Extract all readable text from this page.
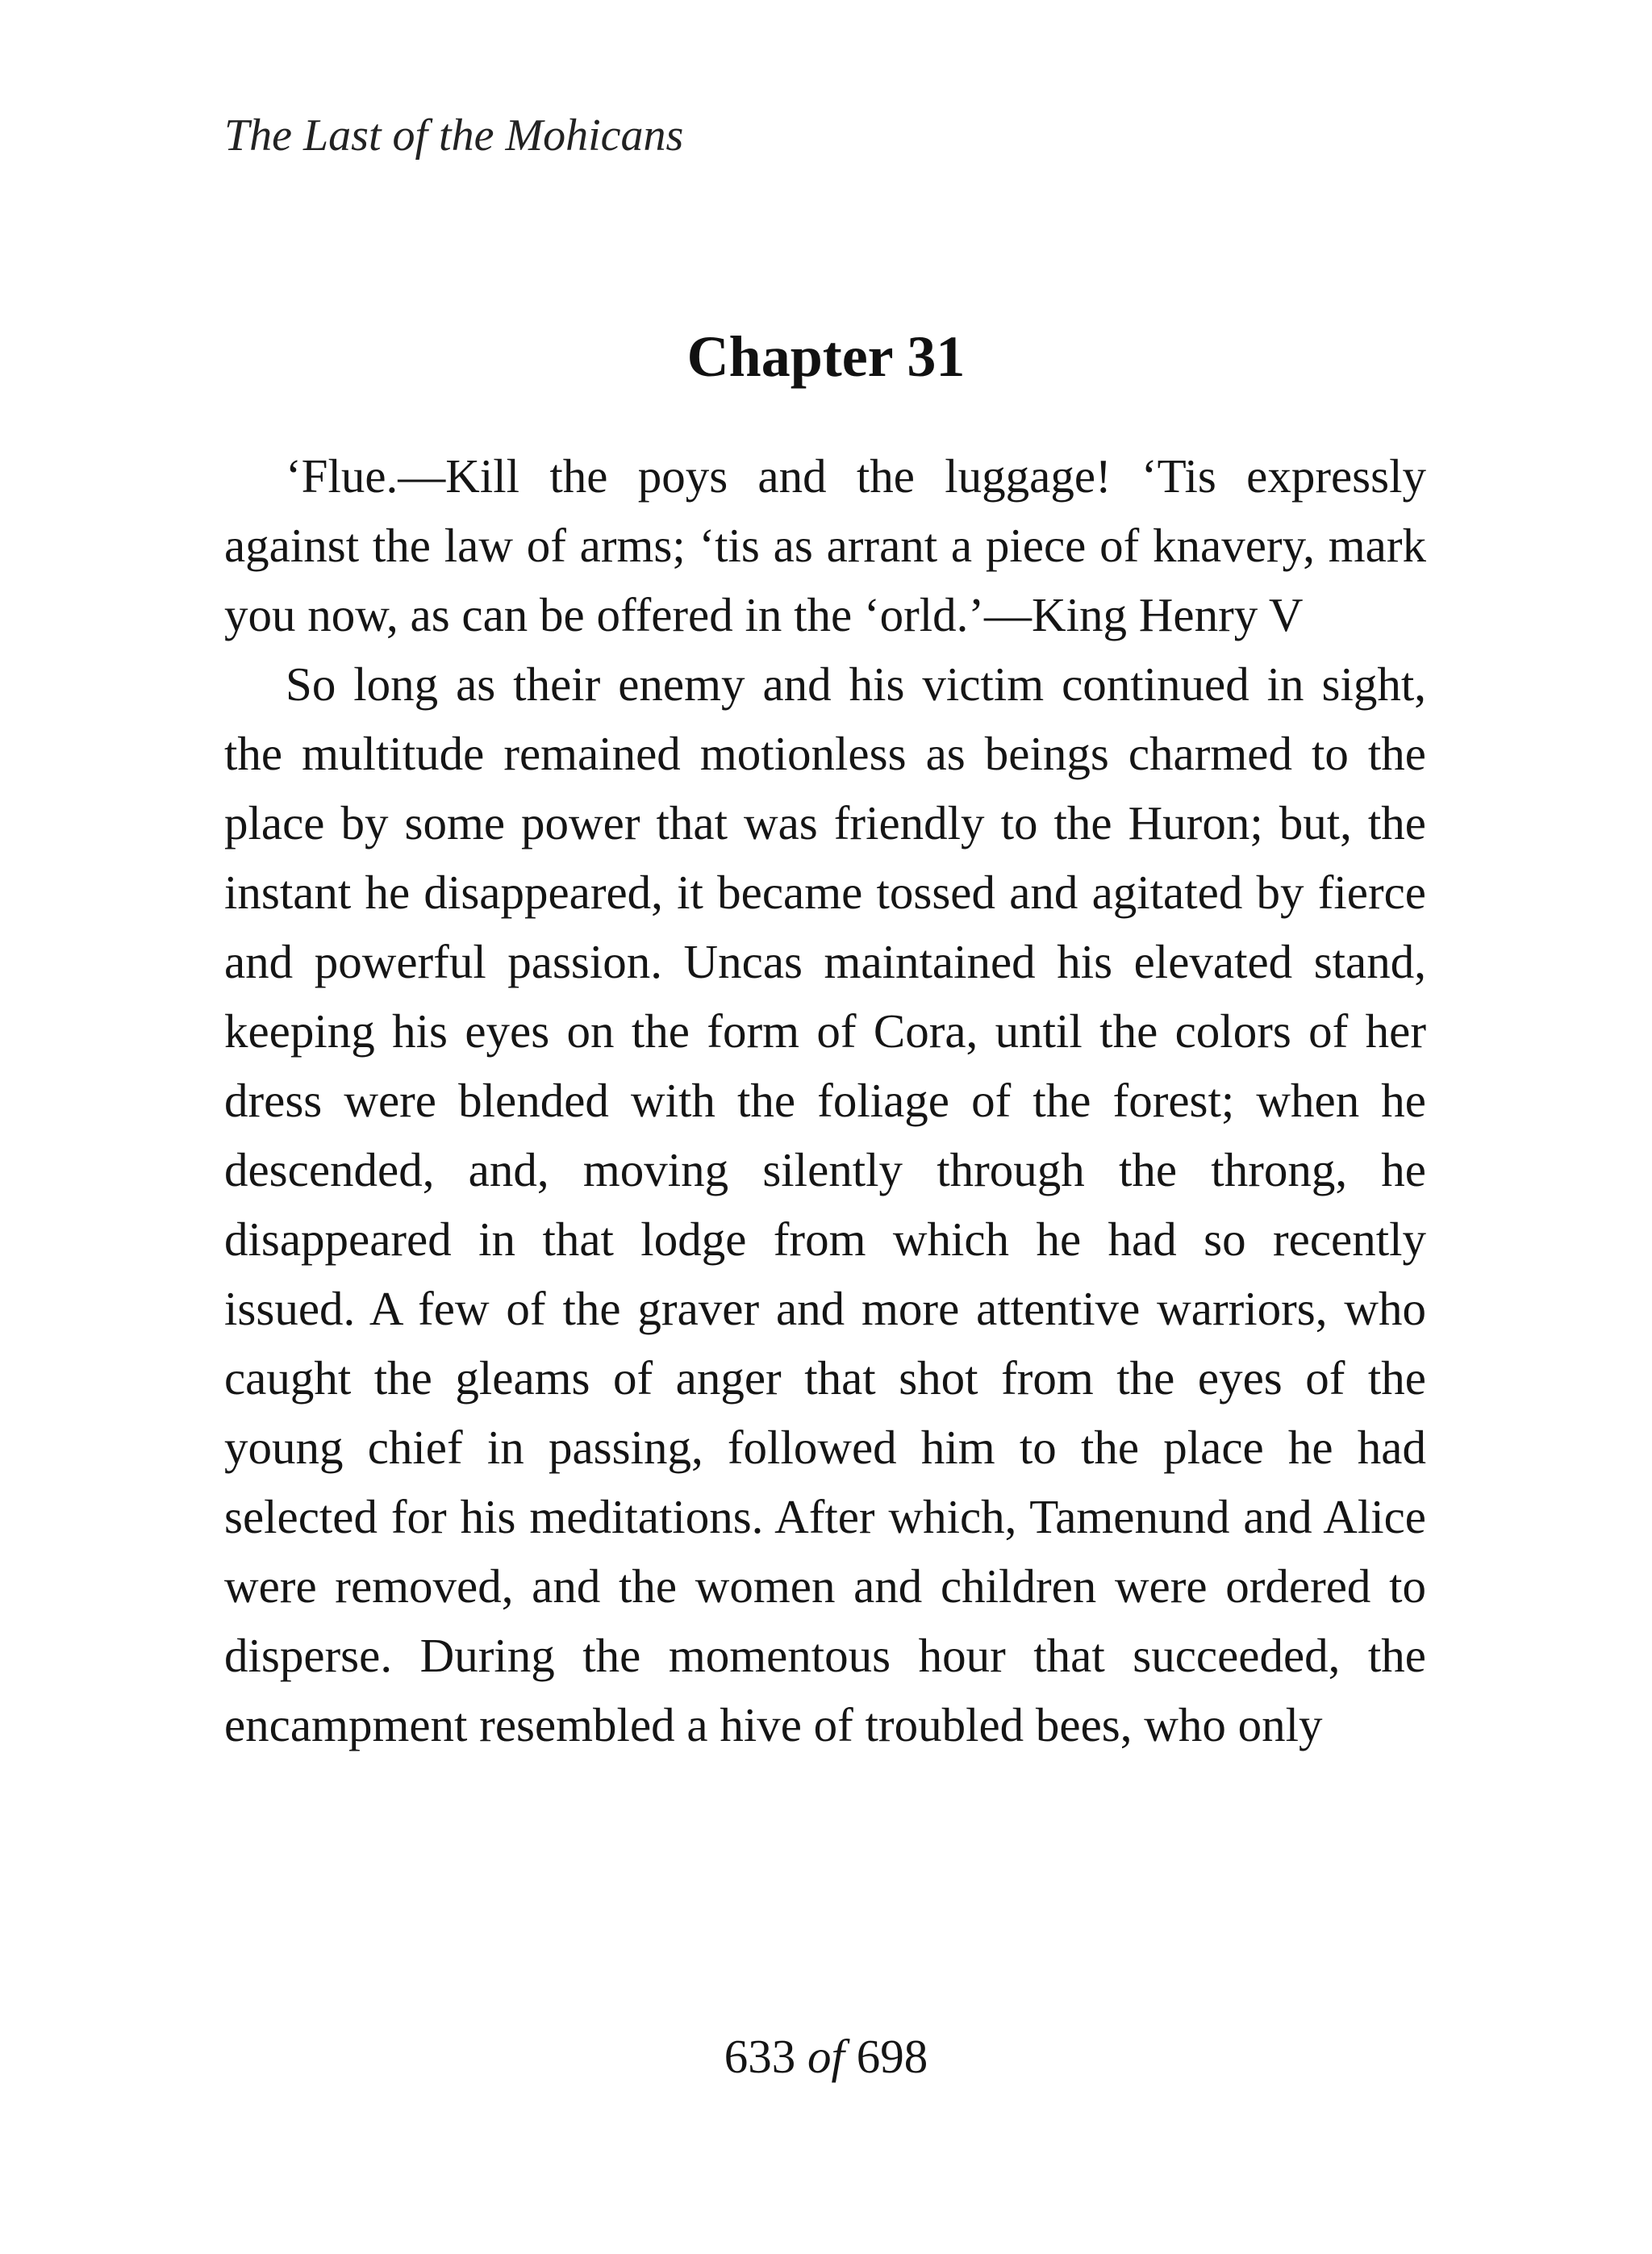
The Last of the Mohicans
Chapter 31

‘Flue.—Kill the poys and the luggage! ‘Tis expressly against the law of arms; ‘tis as arrant a piece of knavery, mark you now, as can be offered in the ‘orld.’—King Henry V

So long as their enemy and his victim continued in sight, the multitude remained motionless as beings charmed to the place by some power that was friendly to the Huron; but, the instant he disappeared, it became tossed and agitated by fierce and powerful passion. Uncas maintained his elevated stand, keeping his eyes on the form of Cora, until the colors of her dress were blended with the foliage of the forest; when he descended, and, moving silently through the throng, he disappeared in that lodge from which he had so recently issued. A few of the graver and more attentive warriors, who caught the gleams of anger that shot from the eyes of the young chief in passing, followed him to the place he had selected for his meditations. After which, Tamenund and Alice were removed, and the women and children were ordered to disperse. During the momentous hour that succeeded, the encampment resembled a hive of troubled bees, who only

633 of 698
